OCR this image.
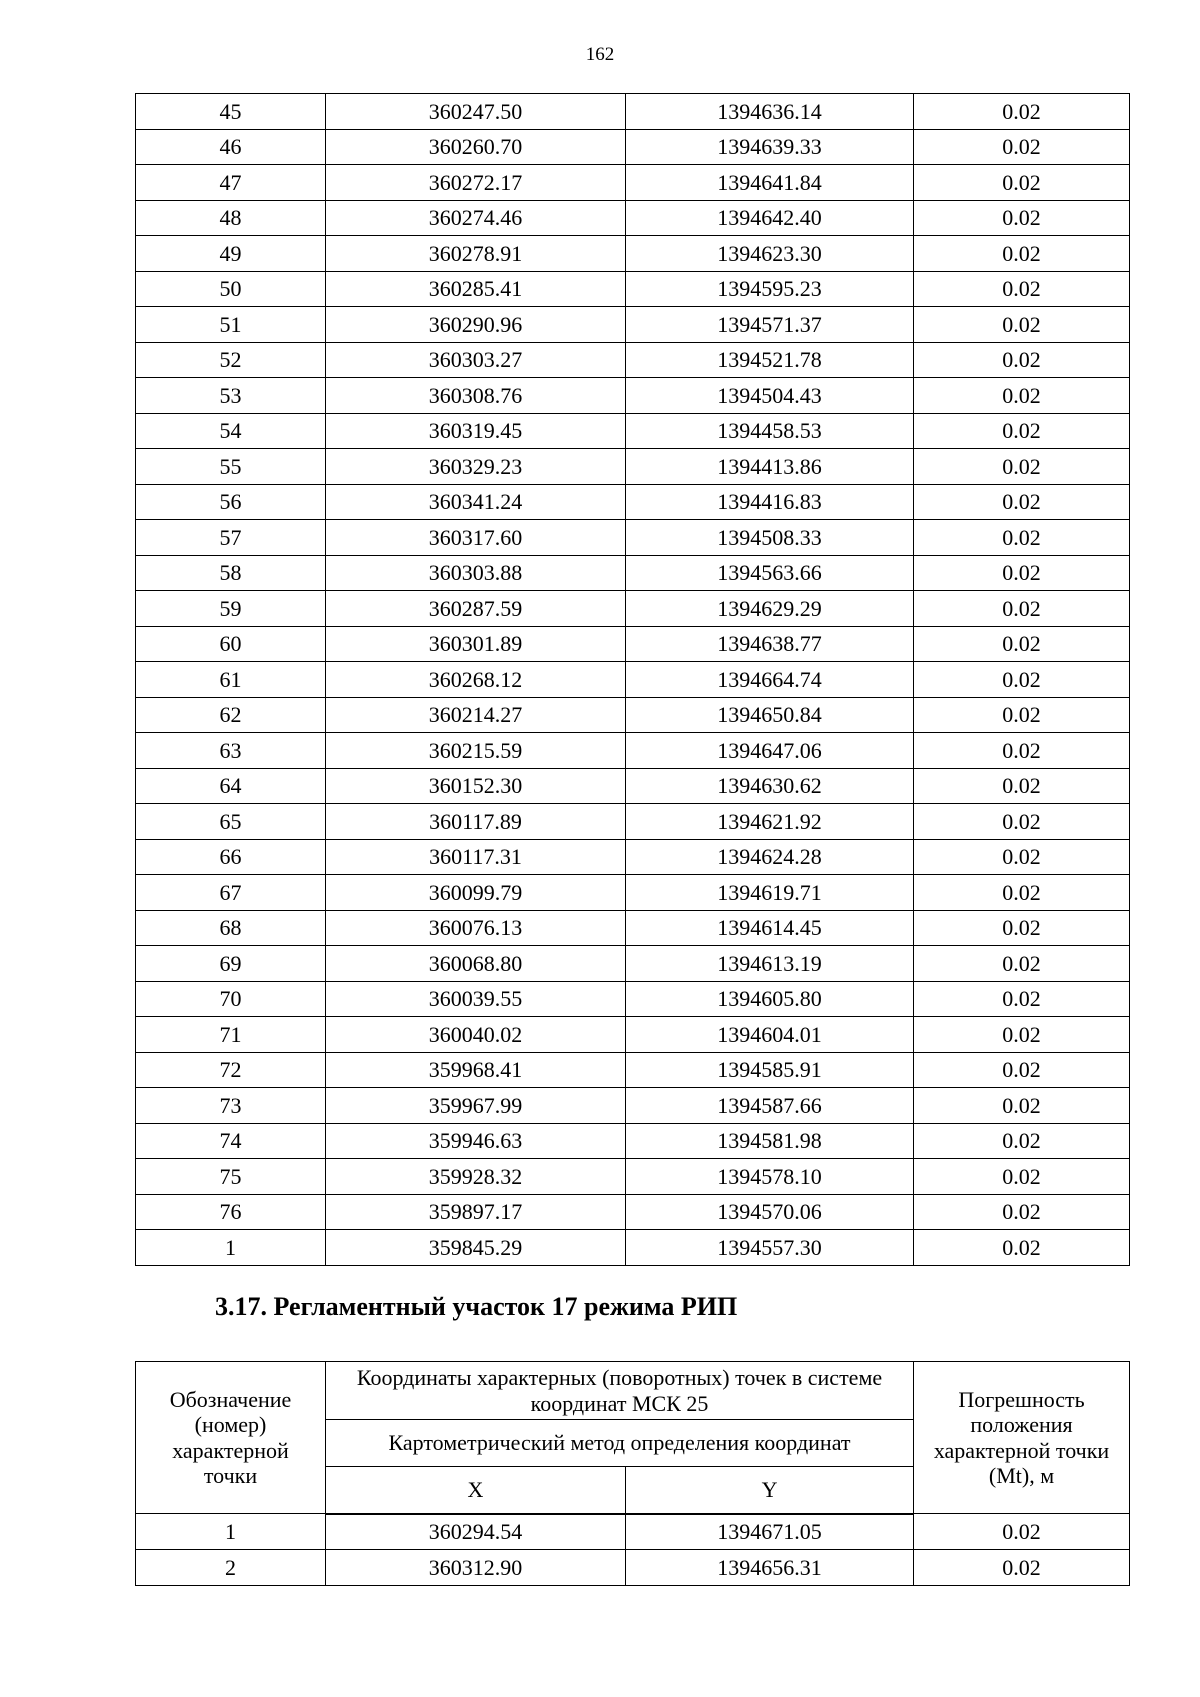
162
45	360247.50	1394636.14	0.02
46	360260.70	1394639.33	0.02
47	360272.17	1394641.84	0.02
48	360274.46	1394642.40	0.02
49	360278.91	1394623.30	0.02
50	360285.41	1394595.23	0.02
51	360290.96	1394571.37	0.02
52	360303.27	1394521.78	0.02
53	360308.76	1394504.43	0.02
54	360319.45	1394458.53	0.02
55	360329.23	1394413.86	0.02
56	360341.24	1394416.83	0.02
57	360317.60	1394508.33	0.02
58	360303.88	1394563.66	0.02
59	360287.59	1394629.29	0.02
60	360301.89	1394638.77	0.02
61	360268.12	1394664.74	0.02
62	360214.27	1394650.84	0.02
63	360215.59	1394647.06	0.02
64	360152.30	1394630.62	0.02
65	360117.89	1394621.92	0.02
66	360117.31	1394624.28	0.02
67	360099.79	1394619.71	0.02
68	360076.13	1394614.45	0.02
69	360068.80	1394613.19	0.02
70	360039.55	1394605.80	0.02
71	360040.02	1394604.01	0.02
72	359968.41	1394585.91	0.02
73	359967.99	1394587.66	0.02
74	359946.63	1394581.98	0.02
75	359928.32	1394578.10	0.02
76	359897.17	1394570.06	0.02
1	359845.29	1394557.30	0.02
3.17. Регламентный участок 17 режима РИП
Обозначение (номер) характерной точки	Координаты характерных (поворотных) точек в системе координат МСК 25		Погрешность положения характерной точки (Mt), м
	Картометрический метод определения координат		
	X	Y	
1	360294.54	1394671.05	0.02
2	360312.90	1394656.31	0.02
